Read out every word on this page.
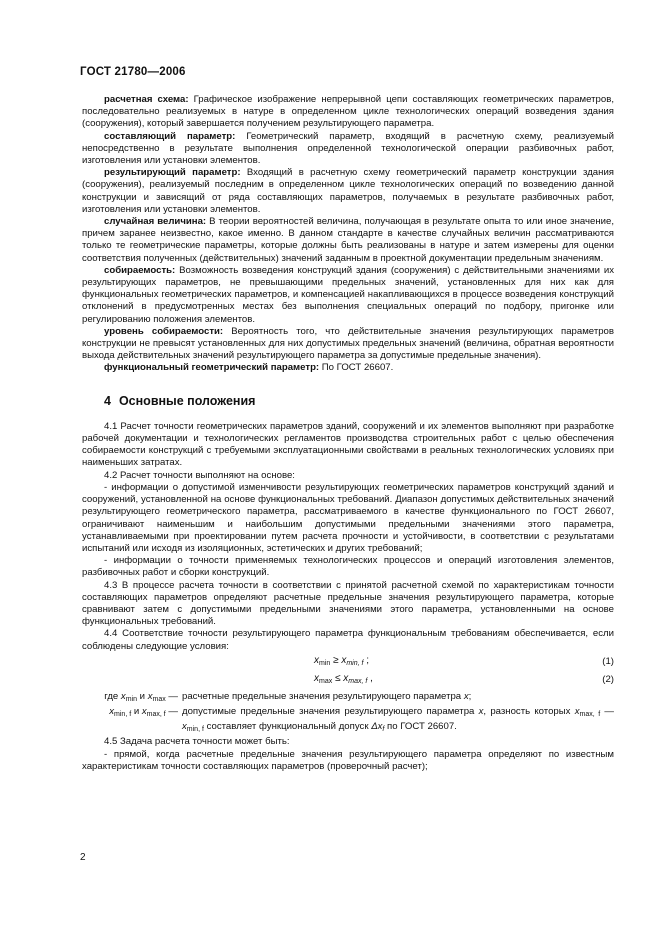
ГОСТ 21780—2006

расчетная схема: Графическое изображение непрерывной цепи составляющих геометрических параметров, последовательно реализуемых в натуре в определенном цикле технологических операций возведения здания (сооружения), который завершается получением результирующего параметра.

составляющий параметр: Геометрический параметр, входящий в расчетную схему, реализуемый непосредственно в результате выполнения определенной технологической операции разбивочных работ, изготовления или установки элементов.

результирующий параметр: Входящий в расчетную схему геометрический параметр конструкции здания (сооружения), реализуемый последним в определенном цикле технологических операций по возведению данной конструкции и зависящий от ряда составляющих параметров, получаемых в результате разбивочных работ, изготовления или установки элементов.

случайная величина: В теории вероятностей величина, получающая в результате опыта то или иное значение, причем заранее неизвестно, какое именно. В данном стандарте в качестве случайных величин рассматриваются только те геометрические параметры, которые должны быть реализованы в натуре и затем измерены для оценки соответствия полученных (действительных) значений заданным в проектной документации предельным значениям.

собираемость: Возможность возведения конструкций здания (сооружения) с действительными значениями их результирующих параметров, не превышающими предельных значений, установленных для них как для функциональных геометрических параметров, и компенсацией накапливающихся в процессе возведения конструкций отклонений в предусмотренных местах без выполнения специальных операций по подбору, пригонке или регулированию положения элементов.

уровень собираемости: Вероятность того, что действительные значения результирующих параметров конструкции не превысят установленных для них допустимых предельных значений (величина, обратная вероятности выхода действительных значений результирующего параметра за допустимые предельные значения).

функциональный геометрический параметр: По ГОСТ 26607.

4 Основные положения

4.1 Расчет точности геометрических параметров зданий, сооружений и их элементов выполняют при разработке рабочей документации и технологических регламентов производства строительных работ с целью обеспечения собираемости конструкций с требуемыми эксплуатационными свойствами в реальных технологических условиях при наименьших затратах.

4.2 Расчет точности выполняют на основе:

- информации о допустимой изменчивости результирующих геометрических параметров конструкций зданий и сооружений, установленной на основе функциональных требований. Диапазон допустимых действительных значений результирующего геометрического параметра, рассматриваемого в качестве функционального по ГОСТ 26607, ограничивают наименьшим и наибольшим допустимыми предельными значениями этого параметра, устанавливаемыми при проектировании путем расчета прочности и устойчивости, в соответствии с результатами испытаний или исходя из изоляционных, эстетических и других требований;

- информации о точности применяемых технологических процессов и операций изготовления элементов, разбивочных работ и сборки конструкций.

4.3 В процессе расчета точности в соответствии с принятой расчетной схемой по характеристикам точности составляющих параметров определяют расчетные предельные значения результирующего параметра, которые сравнивают затем с допустимыми предельными значениями этого параметра, установленными на основе функциональных требований.

4.4 Соответствие точности результирующего параметра функциональным требованиям обеспечивается, если соблюдены следующие условия:

$x_{min} \ge x_{min, f}$ ;	(1)
$x_{max} \le x_{max, f}$ ,	(2)
где $x_{min}$ и $x_{max}$ — расчетные предельные значения результирующего параметра x;
$x_{min, f}$ и $x_{max, f}$ — допустимые предельные значения результирующего параметра x, разность которых $x_{max, f}$ — $x_{min, f}$ составляет функциональный допуск $\Delta x_f$ по ГОСТ 26607.

4.5 Задача расчета точности может быть:

- прямой, когда расчетные предельные значения результирующего параметра определяют по известным характеристикам точности составляющих параметров (проверочный расчет);

2
